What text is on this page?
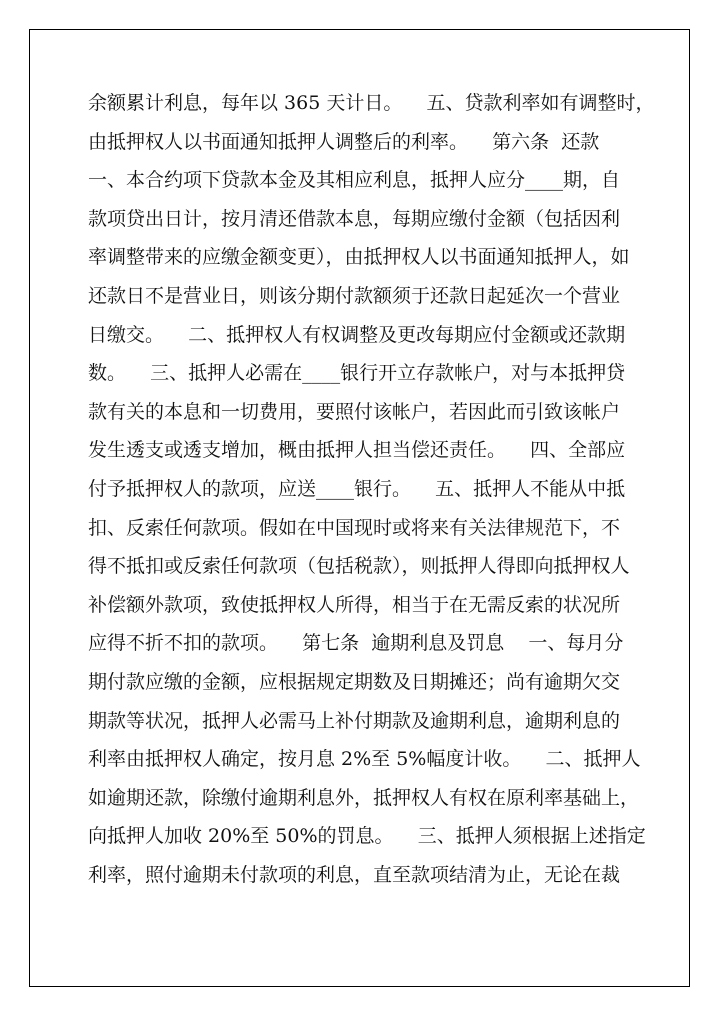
余额累计利息，每年以 365 天计日。    五、贷款利率如有调整时，
由抵押权人以书面通知抵押人调整后的利率。    第六条  还款
一、本合约项下贷款本金及其相应利息，抵押人应分____期，自
款项贷出日计，按月清还借款本息，每期应缴付金额（包括因利
率调整带来的应缴金额变更），由抵押权人以书面通知抵押人，如
还款日不是营业日，则该分期付款额须于还款日起延次一个营业
日缴交。    二、抵押权人有权调整及更改每期应付金额或还款期
数。    三、抵押人必需在____银行开立存款帐户，对与本抵押贷
款有关的本息和一切费用，要照付该帐户，若因此而引致该帐户
发生透支或透支增加，概由抵押人担当偿还责任。    四、全部应
付予抵押权人的款项，应送____银行。    五、抵押人不能从中抵
扣、反索任何款项。假如在中国现时或将来有关法律规范下，不
得不抵扣或反索任何款项（包括税款），则抵押人得即向抵押权人
补偿额外款项，致使抵押权人所得，相当于在无需反索的状况所
应得不折不扣的款项。    第七条  逾期利息及罚息    一、每月分
期付款应缴的金额，应根据规定期数及日期摊还；尚有逾期欠交
期款等状况，抵押人必需马上补付期款及逾期利息，逾期利息的
利率由抵押权人确定，按月息 2%至 5%幅度计收。    二、抵押人
如逾期还款，除缴付逾期利息外，抵押权人有权在原利率基础上，
向抵押人加收 20%至 50%的罚息。    三、抵押人须根据上述指定
利率，照付逾期未付款项的利息，直至款项结清为止，无论在裁
